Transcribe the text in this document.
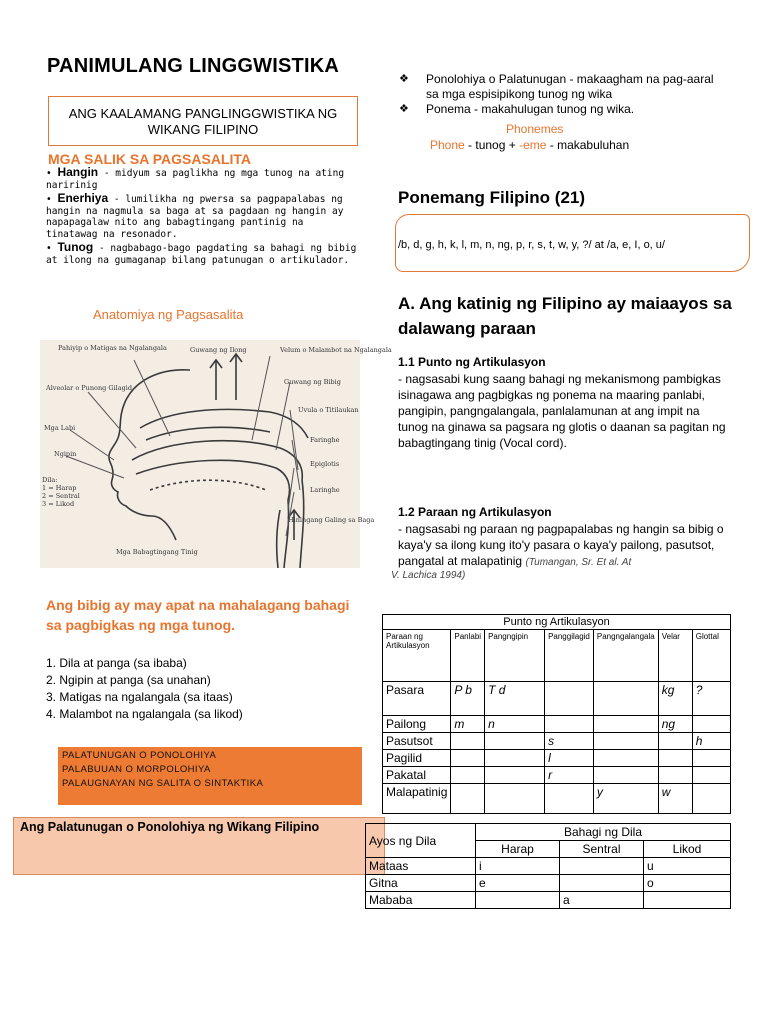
PANIMULANG LINGGWISTIKA
ANG KAALAMANG PANGLINGGWISTIKA NG
WIKANG FILIPINO
MGA SALIK SA PAGSASALITA
• Hangin - midyum sa paglikha ng mga tunog na ating naririnig
• Enerhiya - lumilikha ng pwersa sa pagpapalabas ng hangin na nagmula sa baga at sa pagdaan ng hangin ay napapagalaw nito ang babagtingang pantinig na tinatawag na resonador.
• Tunog - nagbabago-bago pagdating sa bahagi ng bibig at ilong na gumaganap bilang patunugan o artikulador.
Anatomiya ng Pagsasalita
Pahiyip o Matigas na Ngalangala	Guwang ng Ilong	Velum o Malambot na Ngalangala
Guwang ng Bibig
Alveolar o Punong Gilagid
Uvula o Titilaukan
Mga Labi
Faringhe
Ngipin
Epiglotis
Dila:
1 = Harap
2 = Sentral
3 = Likod
Laringhe
Hiningang Galing sa Baga
Mga Babagtingang Tinig
Ang bibig ay may apat na mahalagang bahagi sa pagbigkas ng mga tunog.
1. Dila at panga (sa ibaba)
2. Ngipin at panga (sa unahan)
3. Matigas na ngalangala (sa itaas)
4. Malambot na ngalangala (sa likod)
PALATUNUGAN O PONOLOHIYA
PALABUUAN O MORPOLOHIYA
PALAUGNAYAN NG SALITA O SINTAKTIKA
Ang Palatunugan o Ponolohiya ng Wikang Filipino
❖ Ponolohiya o Palatunugan - makaagham na pag-aaral sa mga espisipikong tunog ng wika
❖ Ponema - makahulugan tunog ng wika.
Phonemes
Phone - tunog + -eme - makabuluhan
Ponemang Filipino (21)
/b, d, g, h, k, l, m, n, ng, p, r, s, t, w, y, ?/ at /a, e, I, o, u/
A. Ang katinig ng Filipino ay maiaayos sa dalawang paraan
1.1 Punto ng Artikulasyon
- nagsasabi kung saang bahagi ng mekanismong pambigkas isinagawa ang pagbigkas ng ponema na maaring panlabi, pangipin, pangngalangala, panlalamunan at ang impit na tunog na ginawa sa pagsara ng glotis o daanan sa pagitan ng babagtingang tinig (Vocal cord).
1.2 Paraan ng Artikulasyon
- nagsasabi ng paraan ng pagpapalabas ng hangin sa bibig o kaya'y sa ilong kung ito'y pasara o kaya'y pailong, pasutsot, pangatal at malapatinig (Tumangan, Sr. Et al. At
V. Lachica 1994)
Punto ng Artikulasyon						
Paraan ng Artikulasyon	Panlabi	Pangngipin	Panggilagid	Pangngalangala	Velar	Glottal
Pasara	P b	T d			kg	?
Pailong	m	n			ng	
Pasutsot			s			h
Pagilid			l			
Pakatal			r			
Malapatinig				y	w	
Ayos ng Dila	Bahagi ng Dila		
	Harap	Sentral	Likod
Mataas	i		u
Gitna	e		o
Mababa		a	
